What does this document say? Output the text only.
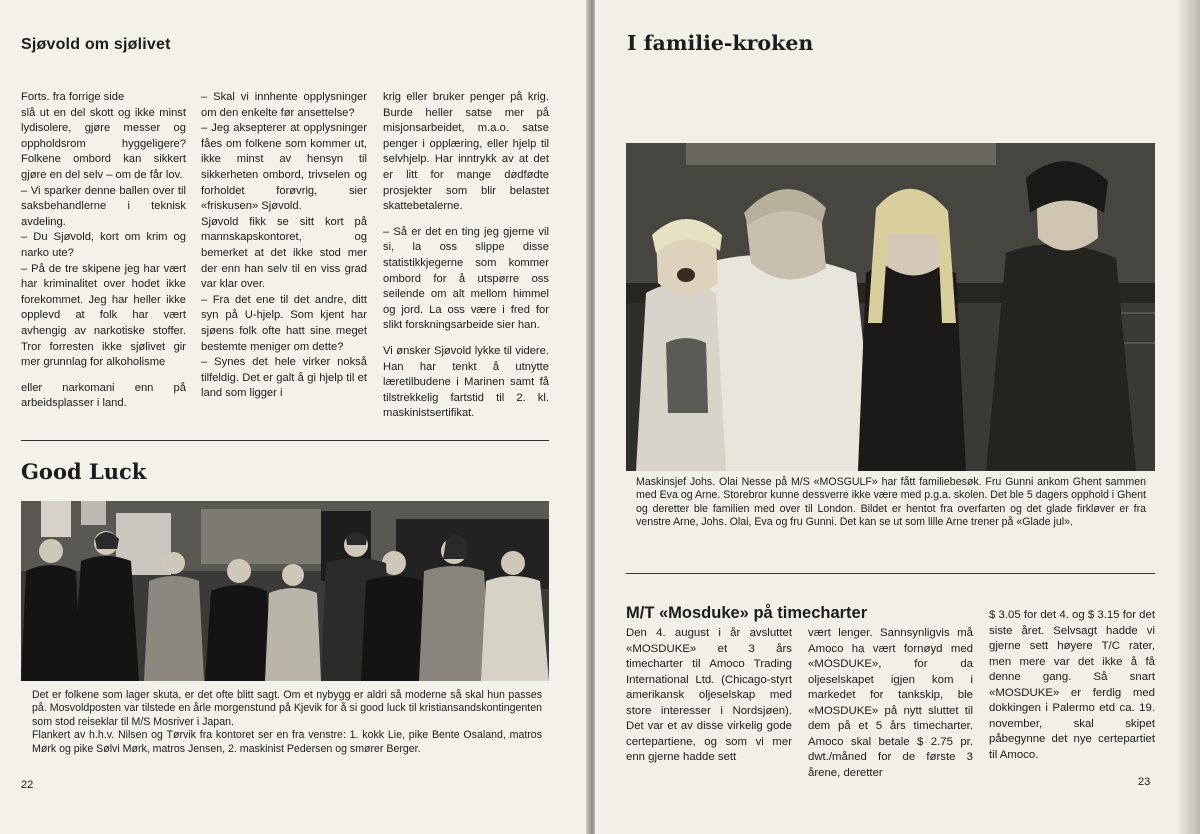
Sjøvold om sjølivet

Forts. fra forrige side

slå ut en del skott og ikke minst lydisolere, gjøre messer og oppholdsrom hyggeligere? Folkene ombord kan sikkert gjøre en del selv – om de får lov.

– Vi sparker denne ballen over til saksbehandlerne i teknisk avdeling.

– Du Sjøvold, kort om krim og narko ute?

– På de tre skipene jeg har vært har kriminalitet over hodet ikke forekommet. Jeg har heller ikke opplevd at folk har vært avhengig av narkotiske stoffer. Tror forresten ikke sjølivet gir mer grunnlag for alkoholisme

eller narkomani enn på arbeidsplasser i land.

– Skal vi innhente opplysninger om den enkelte før ansettelse?

– Jeg aksepterer at opplysninger fåes om folkene som kommer ut, ikke minst av hensyn til sikkerheten ombord, trivselen og forholdet forøvrig, sier «friskusen» Sjøvold.

Sjøvold fikk se sitt kort på mannskapskontoret, og bemerket at det ikke stod mer der enn han selv til en viss grad var klar over.

– Fra det ene til det andre, ditt syn på U-hjelp. Som kjent har sjøens folk ofte hatt sine meget bestemte meniger om dette?

– Synes det hele virker nokså tilfeldig. Det er galt å gi hjelp til et land som ligger i

krig eller bruker penger på krig. Burde heller satse mer på misjonsarbeidet, m.a.o. satse penger i opplæring, eller hjelp til selvhjelp. Har inntrykk av at det er litt for mange dødfødte prosjekter som blir belastet skattebetalerne.

– Så er det en ting jeg gjerne vil si, la oss slippe disse statistikkjegerne som kommer ombord for å utspørre oss seilende om alt mellom himmel og jord. La oss være i fred for slikt forskningsarbeide sier han.

Vi ønsker Sjøvold lykke til videre. Han har tenkt å utnytte læretilbudene i Marinen samt få tilstrekkelig fartstid til 2. kl. maskinistsertifikat.

Good Luck

Det er folkene som lager skuta, er det ofte blitt sagt. Om et nybygg er aldri så moderne så skal hun passes på. Mosvoldposten var tilstede en årle morgenstund på Kjevik for å si good luck til kristiansandskontingenten som stod reiseklar til M/S Mosriver i Japan.

Flankert av h.h.v. Nilsen og Tørvik fra kontoret ser en fra venstre: 1. kokk Lie, pike Bente Osaland, matros Mørk og pike Sølvi Mørk, matros Jensen, 2. maskinist Pedersen og smører Berger.

22
I familie-kroken

Maskinsjef Johs. Olai Nesse på M/S «MOSGULF» har fått familiebesøk. Fru Gunni ankom Ghent sammen med Eva og Arne. Storebror kunne dessverre ikke være med p.g.a. skolen. Det ble 5 dagers opphold i Ghent og deretter ble familien med over til London. Bildet er hentot fra overfarten og det glade firkløver er fra venstre Arne, Johs. Olai, Eva og fru Gunni. Det kan se ut som lille Arne trener på «Glade jul».

M/T «Mosduke» på timecharter

Den 4. august i år avsluttet «MOSDUKE» et 3 års timecharter til Amoco Trading International Ltd. (Chicago-styrt amerikansk oljeselskap med store interesser i Nordsjøen). Det var et av disse virkelig gode certepartiene, og som vi mer enn gjerne hadde sett

vært lenger. Sannsynligvis må Amoco ha vært fornøyd med «MOSDUKE», for da oljeselskapet igjen kom i markedet for tankskip, ble «MOSDUKE» på nytt sluttet til dem på et 5 års timecharter. Amoco skal betale $ 2.75 pr. dwt./måned for de første 3 årene, deretter

$ 3.05 for det 4. og $ 3.15 for det siste året. Selvsagt hadde vi gjerne sett høyere T/C rater, men mere var det ikke å få denne gang. Så snart «MOSDUKE» er ferdig med dokkingen i Palermo etd ca. 19. november, skal skipet påbegynne det nye certepartiet til Amoco.

23
